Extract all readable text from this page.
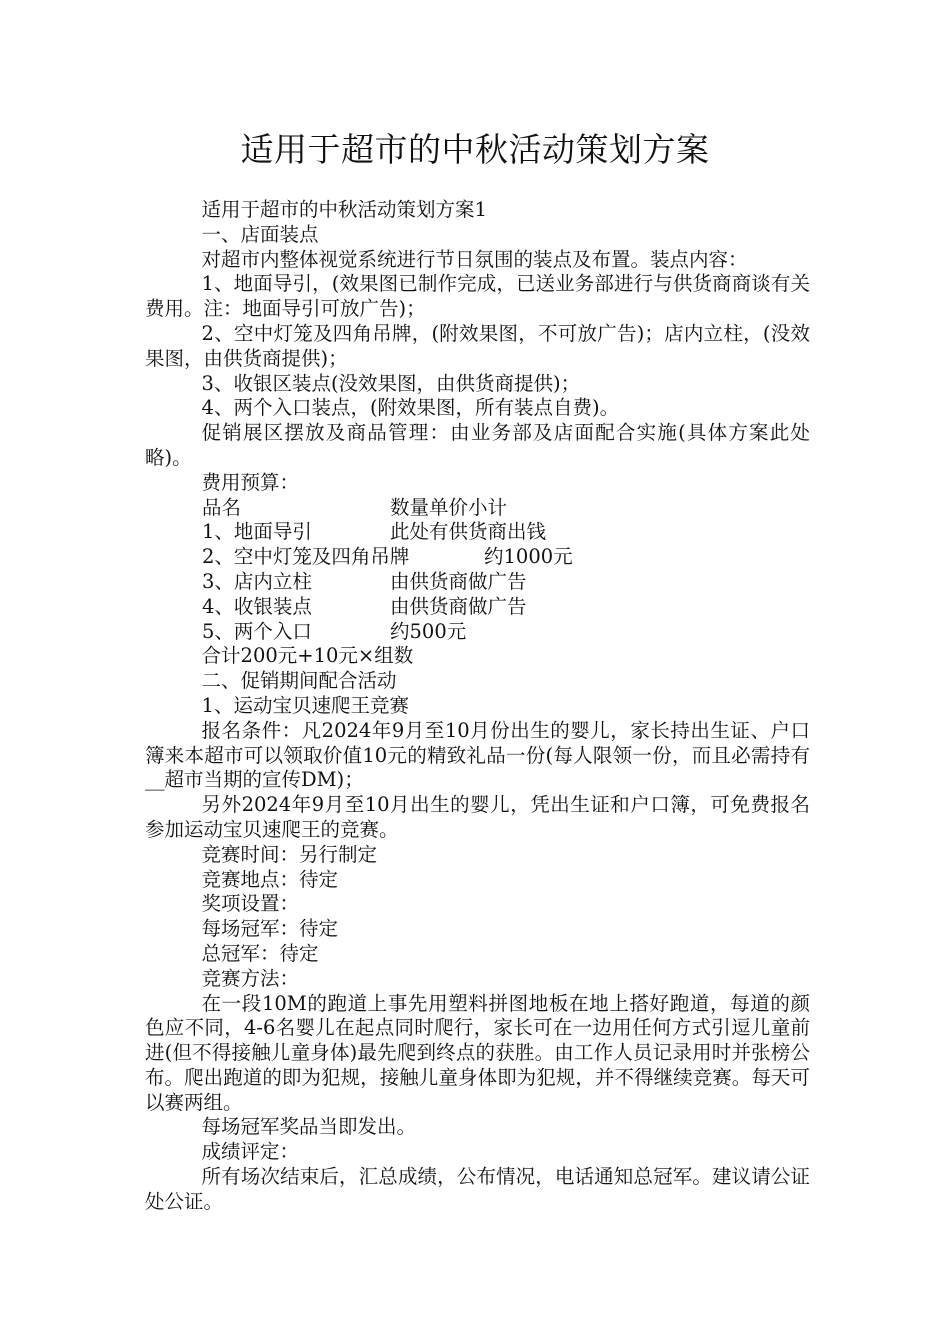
适用于超市的中秋活动策划方案

适用于超市的中秋活动策划方案1

一、店面装点

对超市内整体视觉系统进行节日氛围的装点及布置。装点内容：

1、地面导引，(效果图已制作完成，已送业务部进行与供货商商谈有关费用。注：地面导引可放广告)；

2、空中灯笼及四角吊牌，(附效果图，不可放广告)；店内立柱，(没效果图，由供货商提供)；

3、收银区装点(没效果图，由供货商提供)；

4、两个入口装点，(附效果图，所有装点自费)。

促销展区摆放及商品管理：由业务部及店面配合实施(具体方案此处略)。

费用预算：

品名	数量单价小计
1、地面导引	此处有供货商出钱
2、空中灯笼及四角吊牌	约1000元
3、店内立柱	由供货商做广告
4、收银装点	由供货商做广告
5、两个入口	约500元

合计200元+10元×组数

二、促销期间配合活动

1、运动宝贝速爬王竞赛

报名条件：凡2024年9月至10月份出生的婴儿，家长持出生证、户口簿来本超市可以领取价值10元的精致礼品一份(每人限领一份，而且必需持有__超市当期的宣传DM)；

另外2024年9月至10月出生的婴儿，凭出生证和户口簿，可免费报名参加运动宝贝速爬王的竞赛。

竞赛时间：另行制定

竞赛地点：待定

奖项设置：

每场冠军：待定

总冠军：待定

竞赛方法：

在一段10M的跑道上事先用塑料拼图地板在地上搭好跑道，每道的颜色应不同，4-6名婴儿在起点同时爬行，家长可在一边用任何方式引逗儿童前进(但不得接触儿童身体)最先爬到终点的获胜。由工作人员记录用时并张榜公布。爬出跑道的即为犯规，接触儿童身体即为犯规，并不得继续竞赛。每天可以赛两组。

每场冠军奖品当即发出。

成绩评定：

所有场次结束后，汇总成绩，公布情况，电话通知总冠军。建议请公证处公证。
